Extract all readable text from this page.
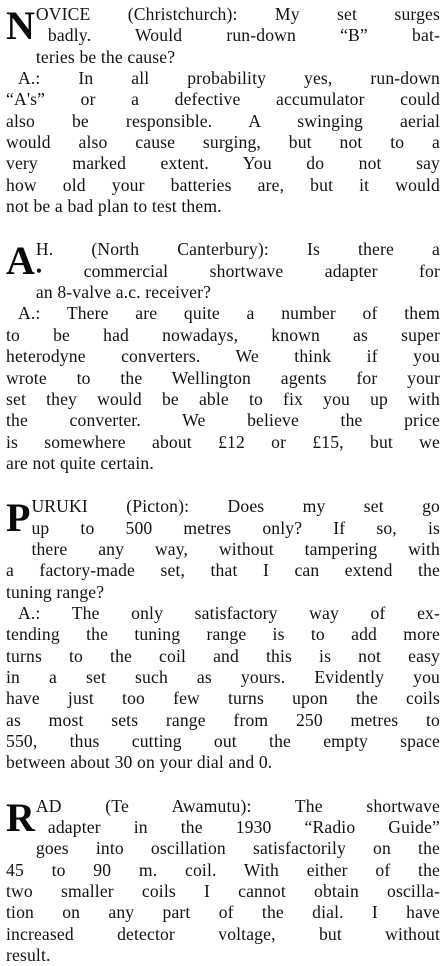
N OVICE (Christchurch): My set surges
badly. Would run-down “B” bat-
teries be the cause?
A.: In all probability yes, run-down
“A's” or a defective accumulator could
also be responsible. A swinging aerial
would also cause surging, but not to a
very marked extent. You do not say
how old your batteries are, but it would
not be a bad plan to test them.
A H. (North Canterbury): Is there a
• commercial shortwave adapter for
an 8-valve a.c. receiver?
A.: There are quite a number of them
to be had nowadays, known as super
heterodyne converters. We think if you
wrote to the Wellington agents for your
set they would be able to fix you up with
the converter. We believe the price
is somewhere about £12 or £15, but we
are not quite certain.
P URUKI (Picton): Does my set go
up to 500 metres only? If so, is
there any way, without tampering with
a factory-made set, that I can extend the
tuning range?
A.: The only satisfactory way of ex-
tending the tuning range is to add more
turns to the coil and this is not easy
in a set such as yours. Evidently you
have just too few turns upon the coils
as most sets range from 250 metres to
550, thus cutting out the empty space
between about 30 on your dial and 0.
R AD (Te Awamutu): The shortwave
adapter in the 1930 “Radio Guide”
goes into oscillation satisfactorily on the
45 to 90 m. coil. With either of the
two smaller coils I cannot obtain oscilla-
tion on any part of the dial. I have
increased detector voltage, but without
result.
